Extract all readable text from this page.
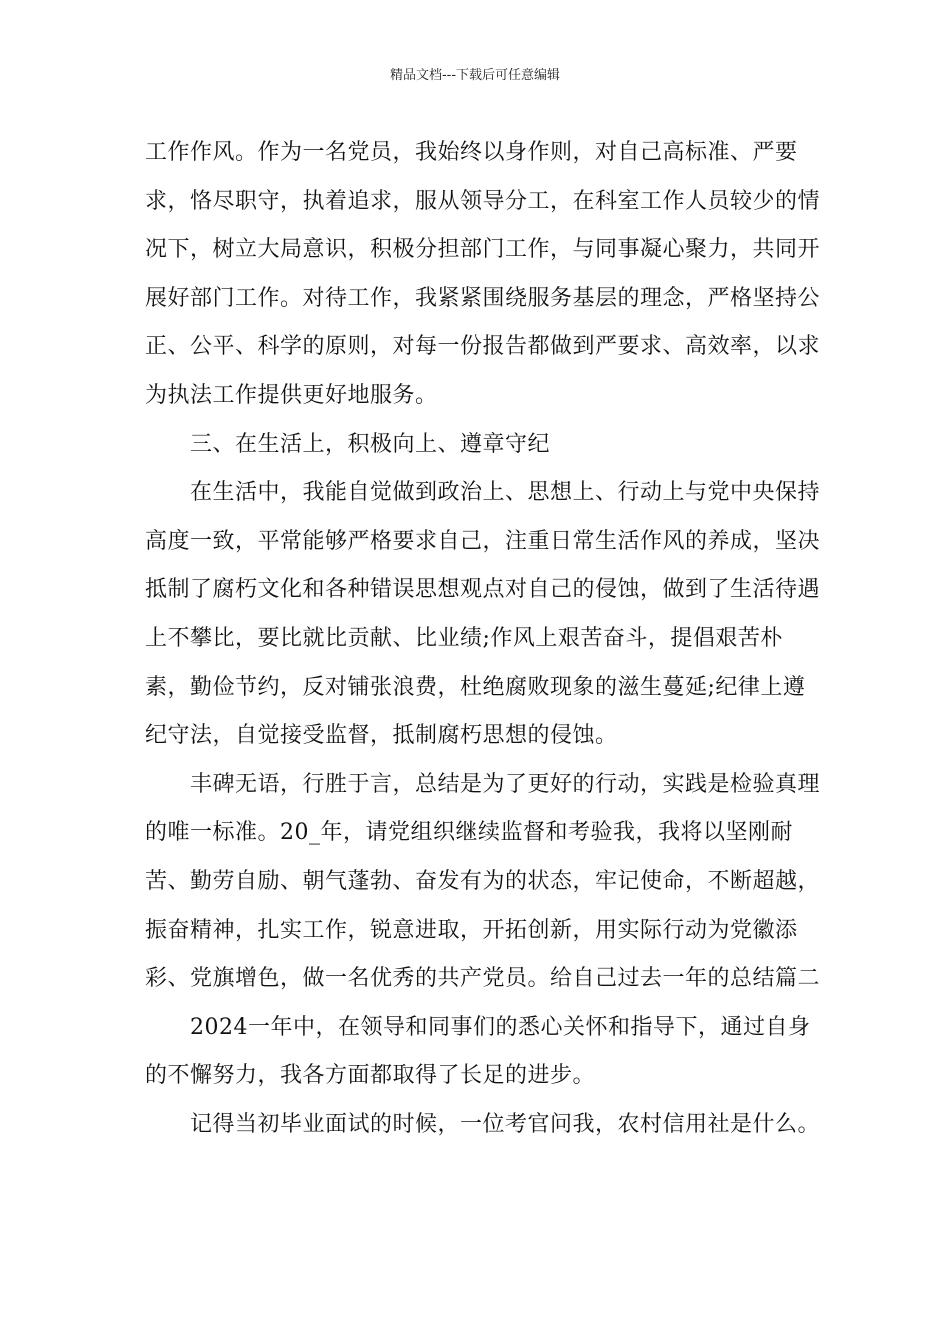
精品文档---下载后可任意编辑

工作作风。作为一名党员，我始终以身作则，对自己高标准、严要求，恪尽职守，执着追求，服从领导分工，在科室工作人员较少的情况下，树立大局意识，积极分担部门工作，与同事凝心聚力，共同开展好部门工作。对待工作，我紧紧围绕服务基层的理念，严格坚持公正、公平、科学的原则，对每一份报告都做到严要求、高效率，以求为执法工作提供更好地服务。

三、在生活上，积极向上、遵章守纪

在生活中，我能自觉做到政治上、思想上、行动上与党中央保持高度一致，平常能够严格要求自己，注重日常生活作风的养成，坚决抵制了腐朽文化和各种错误思想观点对自己的侵蚀，做到了生活待遇上不攀比，要比就比贡献、比业绩;作风上艰苦奋斗，提倡艰苦朴素，勤俭节约，反对铺张浪费，杜绝腐败现象的滋生蔓延;纪律上遵纪守法，自觉接受监督，抵制腐朽思想的侵蚀。

丰碑无语，行胜于言，总结是为了更好的行动，实践是检验真理的唯一标准。20_年，请党组织继续监督和考验我，我将以坚刚耐苦、勤劳自励、朝气蓬勃、奋发有为的状态，牢记使命，不断超越，振奋精神，扎实工作，锐意进取，开拓创新，用实际行动为党徽添彩、党旗增色，做一名优秀的共产党员。给自己过去一年的总结篇二

2024一年中，在领导和同事们的悉心关怀和指导下，通过自身的不懈努力，我各方面都取得了长足的进步。

记得当初毕业面试的时候，一位考官问我，农村信用社是什么。
